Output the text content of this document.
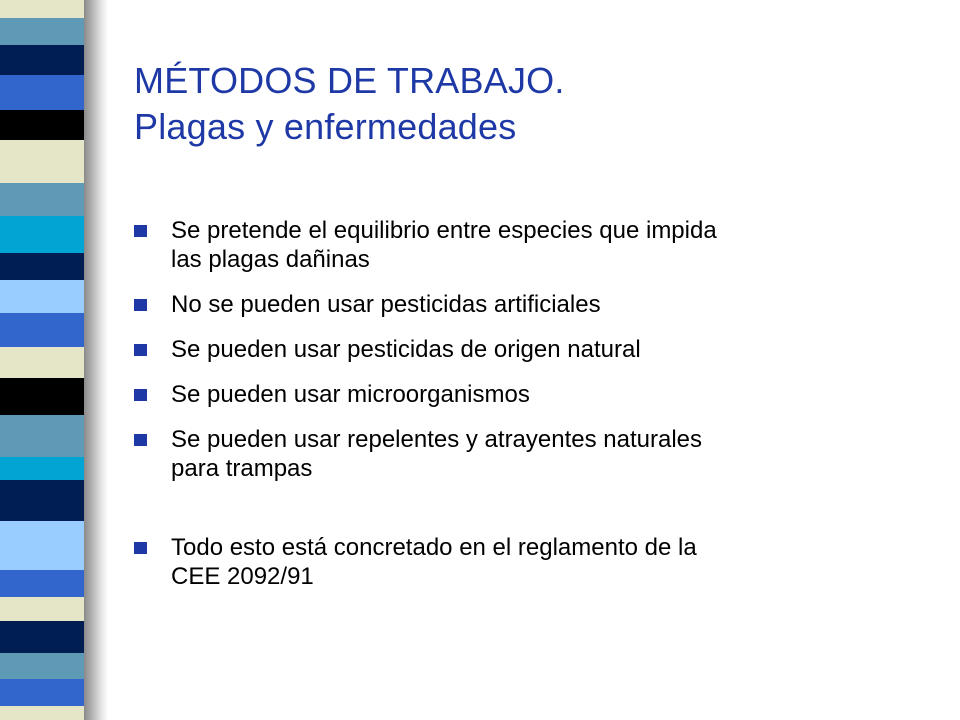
MÉTODOS DE TRABAJO.
Plagas y enfermedades
Se pretende el equilibrio entre especies que impida
las plagas dañinas
No se pueden usar pesticidas artificiales
Se pueden usar pesticidas de origen natural
Se pueden usar microorganismos
Se pueden usar repelentes y atrayentes naturales
para trampas
Todo esto está concretado en el reglamento de la
CEE 2092/91
